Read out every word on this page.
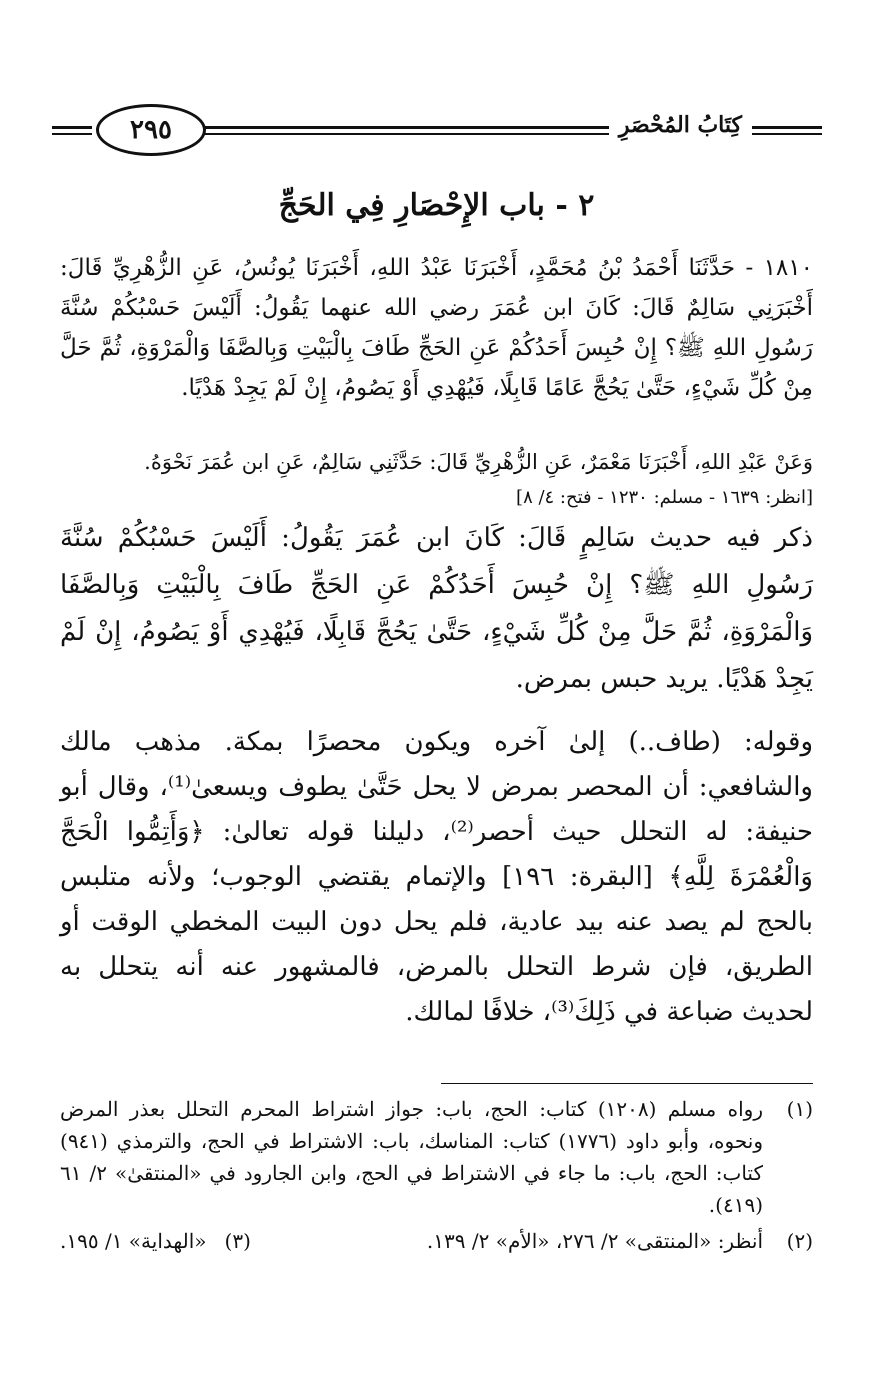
كِتَابُ المُحْصَرِ
٢٩٥
٢ - باب الإِحْصَارِ فِي الحَجِّ

١٨١٠ - حَدَّثَنَا أَحْمَدُ بْنُ مُحَمَّدٍ، أَخْبَرَنَا عَبْدُ اللهِ، أَخْبَرَنَا يُونُسُ، عَنِ الزُّهْرِيِّ قَالَ: أَخْبَرَنِي سَالِمٌ قَالَ: كَانَ ابن عُمَرَ رضي الله عنهما يَقُولُ: أَلَيْسَ حَسْبُكُمْ سُنَّةَ رَسُولِ اللهِ ﷺ؟ إِنْ حُبِسَ أَحَدُكُمْ عَنِ الحَجِّ طَافَ بِالْبَيْتِ وَبِالصَّفَا وَالْمَرْوَةِ، ثُمَّ حَلَّ مِنْ كُلِّ شَيْءٍ، حَتَّىٰ يَحُجَّ عَامًا قَابِلًا، فَيُهْدِي أَوْ يَصُومُ، إِنْ لَمْ يَجِدْ هَدْيًا.

وَعَنْ عَبْدِ اللهِ، أَخْبَرَنَا مَعْمَرٌ، عَنِ الزُّهْرِيِّ قَالَ: حَدَّثَنِي سَالِمٌ، عَنِ ابن عُمَرَ نَحْوَهُ.

[انظر: ١٦٣٩ - مسلم: ١٢٣٠ - فتح: ٤/ ٨]

ذكر فيه حديث سَالِمٍ قَالَ: كَانَ ابن عُمَرَ يَقُولُ: أَلَيْسَ حَسْبُكُمْ سُنَّةَ رَسُولِ اللهِ ﷺ؟ إِنْ حُبِسَ أَحَدُكُمْ عَنِ الحَجِّ طَافَ بِالْبَيْتِ وَبِالصَّفَا وَالْمَرْوَةِ، ثُمَّ حَلَّ مِنْ كُلِّ شَيْءٍ، حَتَّىٰ يَحُجَّ قَابِلًا، فَيُهْدِي أَوْ يَصُومُ، إِنْ لَمْ يَجِدْ هَدْيًا. يريد حبس بمرض.

وقوله: (طاف..) إلىٰ آخره ويكون محصرًا بمكة. مذهب مالك والشافعي: أن المحصر بمرض لا يحل حَتَّىٰ يطوف ويسعىٰ⁽¹⁾، وقال أبو حنيفة: له التحلل حيث أحصر⁽²⁾، دليلنا قوله تعالىٰ: ﴿وَأَتِمُّوا الْحَجَّ وَالْعُمْرَةَ لِلَّهِ﴾ [البقرة: ١٩٦] والإتمام يقتضي الوجوب؛ ولأنه متلبس بالحج لم يصد عنه بيد عادية، فلم يحل دون البيت المخطي الوقت أو الطريق، فإن شرط التحلل بالمرض، فالمشهور عنه أنه يتحلل به لحديث ضباعة في ذَلِكَ⁽³⁾، خلافًا لمالك.

(١)
رواه مسلم (١٢٠٨) كتاب: الحج، باب: جواز اشتراط المحرم التحلل بعذر المرض ونحوه، وأبو داود (١٧٧٦) كتاب: المناسك، باب: الاشتراط في الحج، والترمذي (٩٤١) كتاب: الحج، باب: ما جاء في الاشتراط في الحج، وابن الجارود في «المنتقىٰ» ٢/ ٦١ (٤١٩).
(٢)
أنظر: «المنتقى» ٢/ ٢٧٦، «الأم» ٢/ ١٣٩.
(٣)
«الهداية» ١/ ١٩٥.
